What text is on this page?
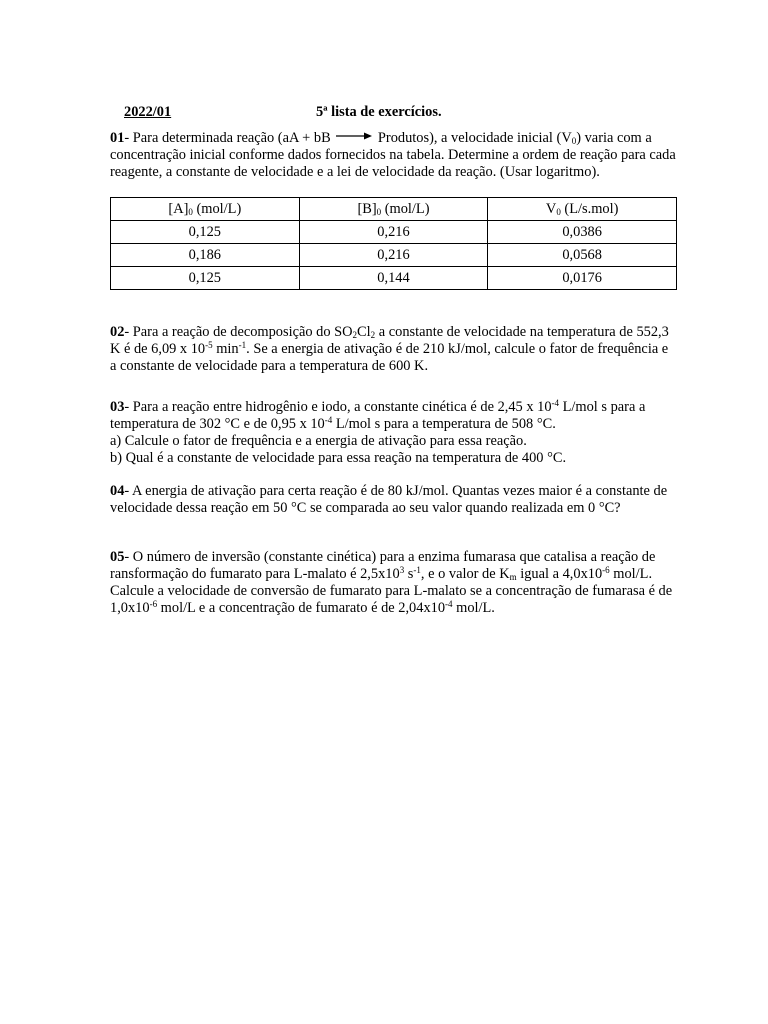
2022/01	5ª lista de exercícios.

01- Para determinada reação (aA + bB → Produtos), a velocidade inicial $(V_0)$ varia com a concentração inicial conforme dados fornecidos na tabela. Determine a ordem de reação para cada reagente, a constante de velocidade e a lei de velocidade da reação. (Usar logaritmo).

$[A]_0$ (mol/L)	$[B]_0$ (mol/L)	$V_0$ (L/s.mol)
0,125	0,216	0,0386
0,186	0,216	0,0568
0,125	0,144	0,0176

02- Para a reação de decomposição do $SO_2Cl_2$ a constante de velocidade na temperatura de 552,3 K é de 6,09 x $10^{-5}$ $\min^{-1}$. Se a energia de ativação é de 210 kJ/mol, calcule o fator de frequência e a constante de velocidade para a temperatura de 600 K.

03- Para a reação entre hidrogênio e iodo, a constante cinética é de 2,45 x $10^{-4}$ L/mol s para a temperatura de 302 °C e de 0,95 x $10^{-4}$ L/mol s para a temperatura de 508 °C.

a) Calcule o fator de frequência e a energia de ativação para essa reação.

b) Qual é a constante de velocidade para essa reação na temperatura de 400 °C.

04- A energia de ativação para certa reação é de 80 kJ/mol. Quantas vezes maior é a constante de velocidade dessa reação em 50 °C se comparada ao seu valor quando realizada em 0 °C?

05- O número de inversão (constante cinética) para a enzima fumarasa que catalisa a reação de ransformação do fumarato para L-malato é $2,5x10^3$ $s^{-1}$, e o valor de $K_m$ igual a $4,0x10^{-6}$ mol/L. Calcule a velocidade de conversão de fumarato para L-malato se a concentração de fumarasa é de $1,0x10^{-6}$ mol/L e a concentração de fumarato é de $2,04x10^{-4}$ mol/L.
